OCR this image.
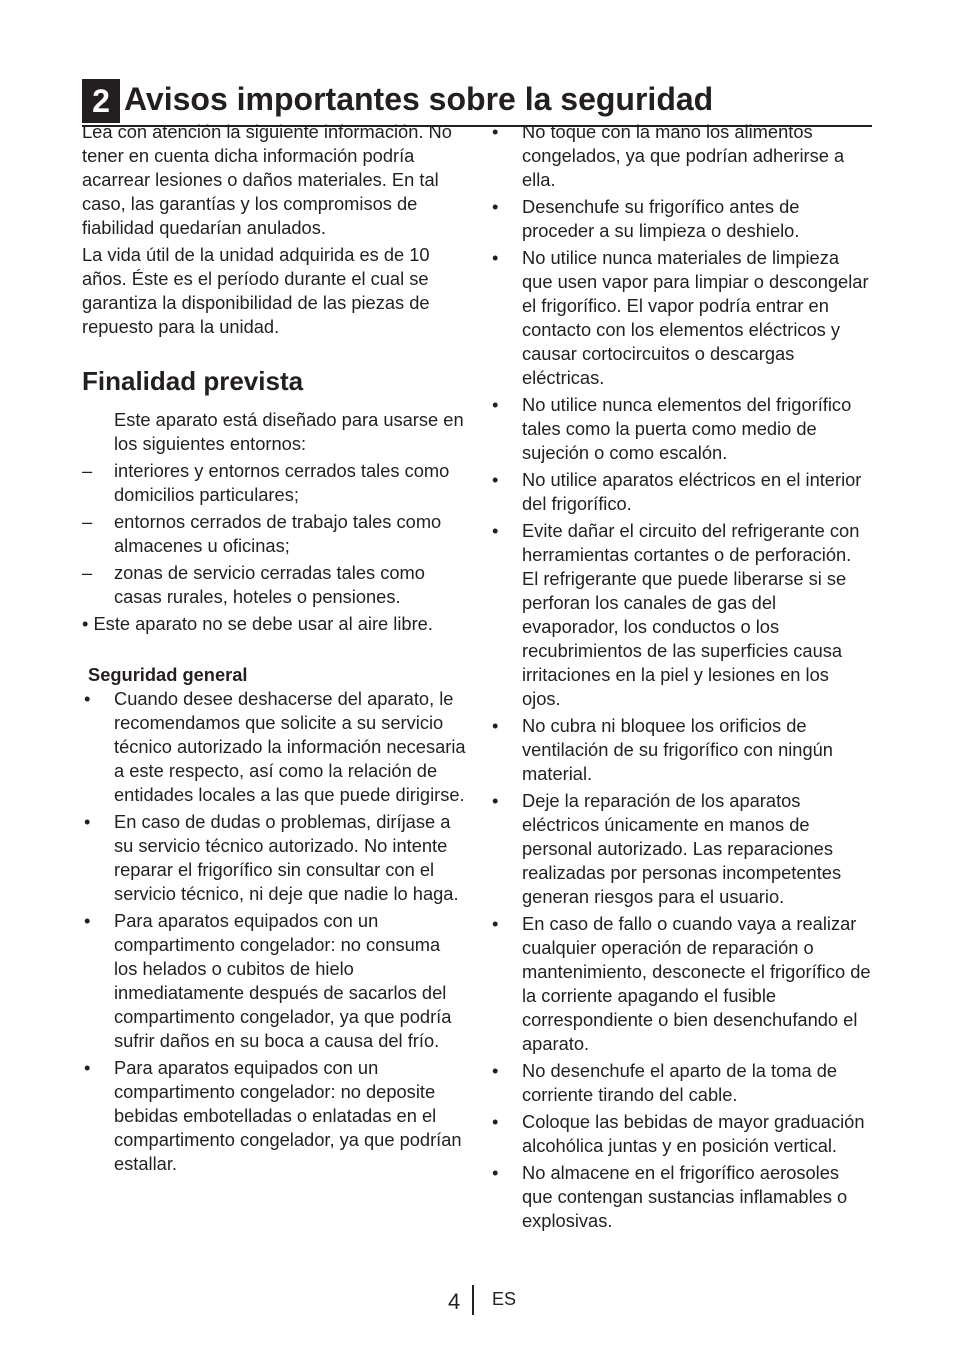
2 Avisos importantes sobre la seguridad

Lea con atención la siguiente información. No tener en cuenta dicha información podría acarrear lesiones o daños materiales. En tal caso, las garantías y los compromisos de fiabilidad quedarían anulados.

La vida útil de la unidad adquirida es de 10 años. Éste es el período durante el cual se garantiza la disponibilidad de las piezas de repuesto para la unidad.

Finalidad prevista

Este aparato está diseñado para usarse en los siguientes entornos:

–	interiores y entornos cerrados tales como domicilios particulares;
–	entornos cerrados de trabajo tales como almacenes u oficinas;
–	zonas de servicio cerradas tales como casas rurales, hoteles o pensiones.

• Este aparato no se debe usar al aire libre.

Seguridad general
•	Cuando desee deshacerse del aparato, le recomendamos que solicite a su servicio técnico autorizado la información necesaria a este respecto, así como la relación de entidades locales a las que puede dirigirse.
•	En caso de dudas o problemas, diríjase a su servicio técnico autorizado. No intente reparar el frigorífico sin consultar con el servicio técnico, ni deje que nadie lo haga.
•	Para aparatos equipados con un compartimento congelador: no consuma los helados o cubitos de hielo inmediatamente después de sacarlos del compartimento congelador, ya que podría sufrir daños en su boca a causa del frío.
•	Para aparatos equipados con un compartimento congelador: no deposite bebidas embotelladas o enlatadas en el compartimento congelador, ya que podrían estallar.
•	No toque con la mano los alimentos congelados, ya que podrían adherirse a ella.
•	Desenchufe su frigorífico antes de proceder a su limpieza o deshielo.
•	No utilice nunca materiales de limpieza que usen vapor para limpiar o descongelar el frigorífico. El vapor podría entrar en contacto con los elementos eléctricos y causar cortocircuitos o descargas eléctricas.
•	No utilice nunca elementos del frigorífico tales como la puerta como medio de sujeción o como escalón.
•	No utilice aparatos eléctricos en el interior del frigorífico.
•	Evite dañar el circuito del refrigerante con herramientas cortantes o de perforación. El refrigerante que puede liberarse si se perforan los canales de gas del evaporador, los conductos o los recubrimientos de las superficies causa irritaciones en la piel y lesiones en los ojos.
•	No cubra ni bloquee los orificios de ventilación de su frigorífico con ningún material.
•	Deje la reparación de los aparatos eléctricos únicamente en manos de personal autorizado. Las reparaciones realizadas por personas incompetentes generan riesgos para el usuario.
•	En caso de fallo o cuando vaya a realizar cualquier operación de reparación o mantenimiento, desconecte el frigorífico de la corriente apagando el fusible correspondiente o bien desenchufando el aparato.
•	No desenchufe el aparto de la toma de corriente tirando del cable.
•	Coloque las bebidas de mayor graduación alcohólica juntas y en posición vertical.
•	No almacene en el frigorífico aerosoles que contengan sustancias inflamables o explosivas.
4 ES
